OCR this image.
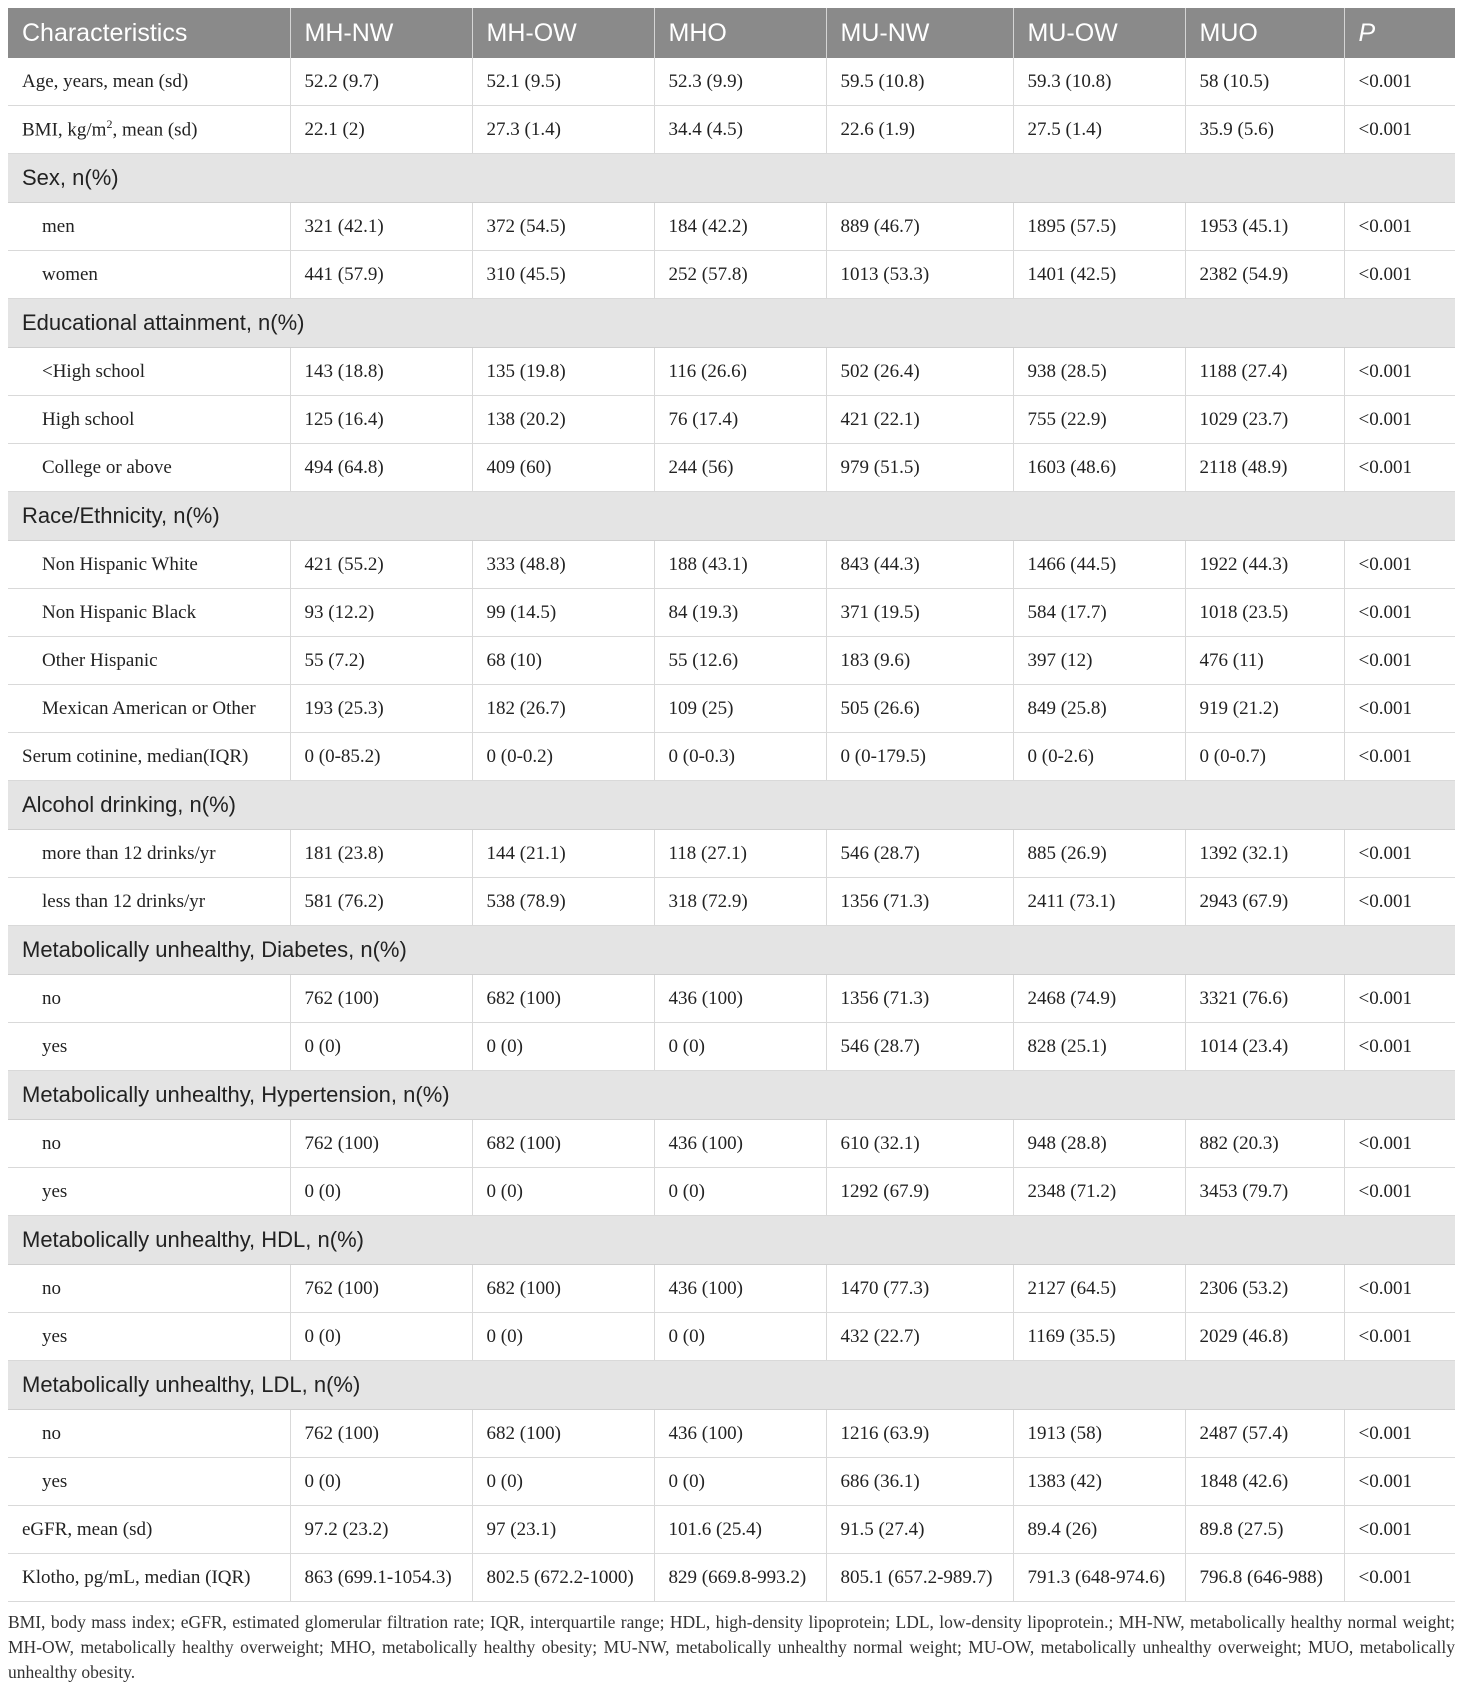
Characteristics	MH-NW	MH-OW	MHO	MU-NW	MU-OW	MUO	P
Age, years, mean (sd)	52.2 (9.7)	52.1 (9.5)	52.3 (9.9)	59.5 (10.8)	59.3 (10.8)	58 (10.5)	<0.001
BMI, $kg/m^2$, mean (sd)	22.1 (2)	27.3 (1.4)	34.4 (4.5)	22.6 (1.9)	27.5 (1.4)	35.9 (5.6)	<0.001
Sex, n(%)							
men	321 (42.1)	372 (54.5)	184 (42.2)	889 (46.7)	1895 (57.5)	1953 (45.1)	<0.001
women	441 (57.9)	310 (45.5)	252 (57.8)	1013 (53.3)	1401 (42.5)	2382 (54.9)	<0.001
Educational attainment, n(%)							
<High school	143 (18.8)	135 (19.8)	116 (26.6)	502 (26.4)	938 (28.5)	1188 (27.4)	<0.001
High school	125 (16.4)	138 (20.2)	76 (17.4)	421 (22.1)	755 (22.9)	1029 (23.7)	<0.001
College or above	494 (64.8)	409 (60)	244 (56)	979 (51.5)	1603 (48.6)	2118 (48.9)	<0.001
Race/Ethnicity, n(%)							
Non Hispanic White	421 (55.2)	333 (48.8)	188 (43.1)	843 (44.3)	1466 (44.5)	1922 (44.3)	<0.001
Non Hispanic Black	93 (12.2)	99 (14.5)	84 (19.3)	371 (19.5)	584 (17.7)	1018 (23.5)	<0.001
Other Hispanic	55 (7.2)	68 (10)	55 (12.6)	183 (9.6)	397 (12)	476 (11)	<0.001
Mexican American or Other	193 (25.3)	182 (26.7)	109 (25)	505 (26.6)	849 (25.8)	919 (21.2)	<0.001
Serum cotinine, median(IQR)	0 (0-85.2)	0 (0-0.2)	0 (0-0.3)	0 (0-179.5)	0 (0-2.6)	0 (0-0.7)	<0.001
Alcohol drinking, n(%)							
more than 12 drinks/yr	181 (23.8)	144 (21.1)	118 (27.1)	546 (28.7)	885 (26.9)	1392 (32.1)	<0.001
less than 12 drinks/yr	581 (76.2)	538 (78.9)	318 (72.9)	1356 (71.3)	2411 (73.1)	2943 (67.9)	<0.001
Metabolically unhealthy, Diabetes, n(%)							
no	762 (100)	682 (100)	436 (100)	1356 (71.3)	2468 (74.9)	3321 (76.6)	<0.001
yes	0 (0)	0 (0)	0 (0)	546 (28.7)	828 (25.1)	1014 (23.4)	<0.001
Metabolically unhealthy, Hypertension, n(%)							
no	762 (100)	682 (100)	436 (100)	610 (32.1)	948 (28.8)	882 (20.3)	<0.001
yes	0 (0)	0 (0)	0 (0)	1292 (67.9)	2348 (71.2)	3453 (79.7)	<0.001
Metabolically unhealthy, HDL, n(%)							
no	762 (100)	682 (100)	436 (100)	1470 (77.3)	2127 (64.5)	2306 (53.2)	<0.001
yes	0 (0)	0 (0)	0 (0)	432 (22.7)	1169 (35.5)	2029 (46.8)	<0.001
Metabolically unhealthy, LDL, n(%)							
no	762 (100)	682 (100)	436 (100)	1216 (63.9)	1913 (58)	2487 (57.4)	<0.001
yes	0 (0)	0 (0)	0 (0)	686 (36.1)	1383 (42)	1848 (42.6)	<0.001
eGFR, mean (sd)	97.2 (23.2)	97 (23.1)	101.6 (25.4)	91.5 (27.4)	89.4 (26)	89.8 (27.5)	<0.001
Klotho, pg/mL, median (IQR)	863 (699.1-1054.3)	802.5 (672.2-1000)	829 (669.8-993.2)	805.1 (657.2-989.7)	791.3 (648-974.6)	796.8 (646-988)	<0.001
BMI, body mass index; eGFR, estimated glomerular filtration rate; IQR, interquartile range; HDL, high-density lipoprotein; LDL, low-density lipoprotein.; MH-NW, metabolically healthy normal weight; MH-OW, metabolically healthy overweight; MHO, metabolically healthy obesity; MU-NW, metabolically unhealthy normal weight; MU-OW, metabolically unhealthy overweight; MUO, metabolically unhealthy obesity.
